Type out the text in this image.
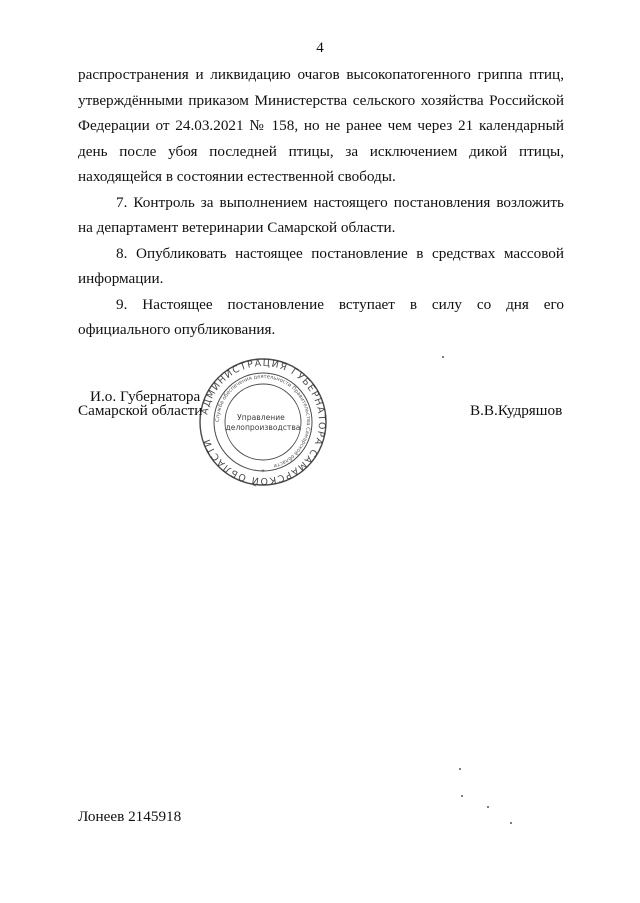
4
распространения и ликвидацию очагов высокопатогенного гриппа птиц,
утверждёнными приказом Министерства сельского хозяйства Российской
Федерации от 24.03.2021 № 158, но не ранее чем через 21 календарный
день после убоя последней птицы, за исключением дикой птицы,
находящейся в состоянии естественной свободы.
7. Контроль за выполнением настоящего постановления возложить
на департамент ветеринарии Самарской области.
8. Опубликовать настоящее постановление в средствах массовой
информации.
9. Настоящее постановление вступает в силу со дня его
официального опубликования.
И.о. Губернатора
Самарской области
АДМИНИСТРАЦИЯ ГУБЕРНАТОРА САМАРСКОЙ ОБЛАСТИ
Служба обеспечения деятельности Правительства Самарской области
Управление
делопроизводства
*
В.В.Кудряшов
Лонеев 2145918
